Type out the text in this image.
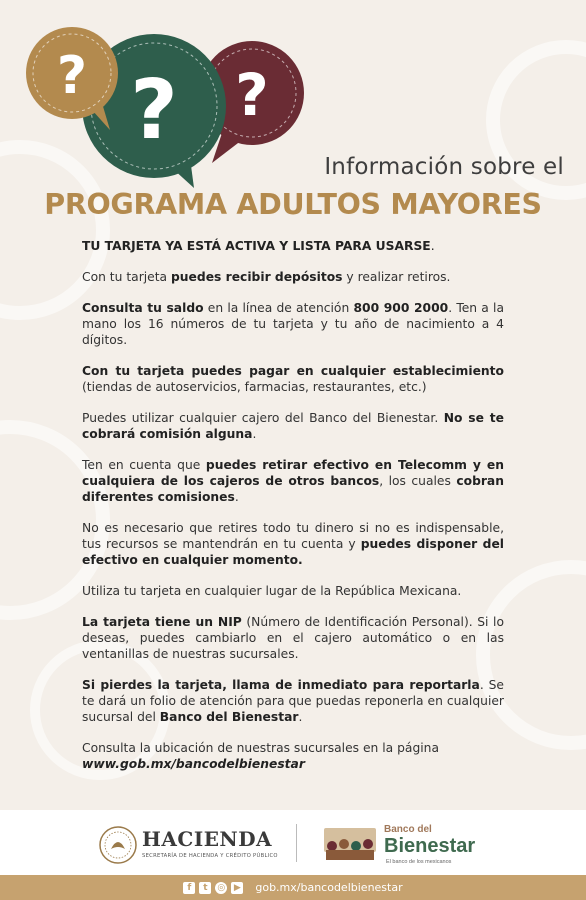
?
?
?
Información sobre el
PROGRAMA ADULTOS MAYORES

TU TARJETA YA ESTÁ ACTIVA Y LISTA PARA USARSE.

Con tu tarjeta puedes recibir depósitos y realizar retiros.

Consulta tu saldo en la línea de atención 800 900 2000. Ten a la mano los 16 números de tu tarjeta y tu año de nacimiento a 4 dígitos.

Con tu tarjeta puedes pagar en cualquier establecimiento (tiendas de autoservicios, farmacias, restaurantes, etc.)

Puedes utilizar cualquier cajero del Banco del Bienestar. No se te cobrará comisión alguna.

Ten en cuenta que puedes retirar efectivo en Telecomm y en cualquiera de los cajeros de otros bancos, los cuales cobran diferentes comisiones.

No es necesario que retires todo tu dinero si no es indispensable, tus recursos se mantendrán en tu cuenta y puedes disponer del efectivo en cualquier momento.

Utiliza tu tarjeta en cualquier lugar de la República Mexicana.

La tarjeta tiene un NIP (Número de Identificación Personal). Si lo deseas, puedes cambiarlo en el cajero automático o en las ventanillas de nuestras sucursales.

Si pierdes la tarjeta, llama de inmediato para reportarla. Se te dará un folio de atención para que puedas reponerla en cualquier sucursal del Banco del Bienestar.

Consulta la ubicación de nuestras sucursales en la página
www.gob.mx/bancodelbienestar

HACIENDA
SECRETARÍA DE HACIENDA Y CRÉDITO PÚBLICO
Banco del
Bienestar
El banco de los mexicanos
f	t	◎ ▶ gob.mx/bancodelbienestar
